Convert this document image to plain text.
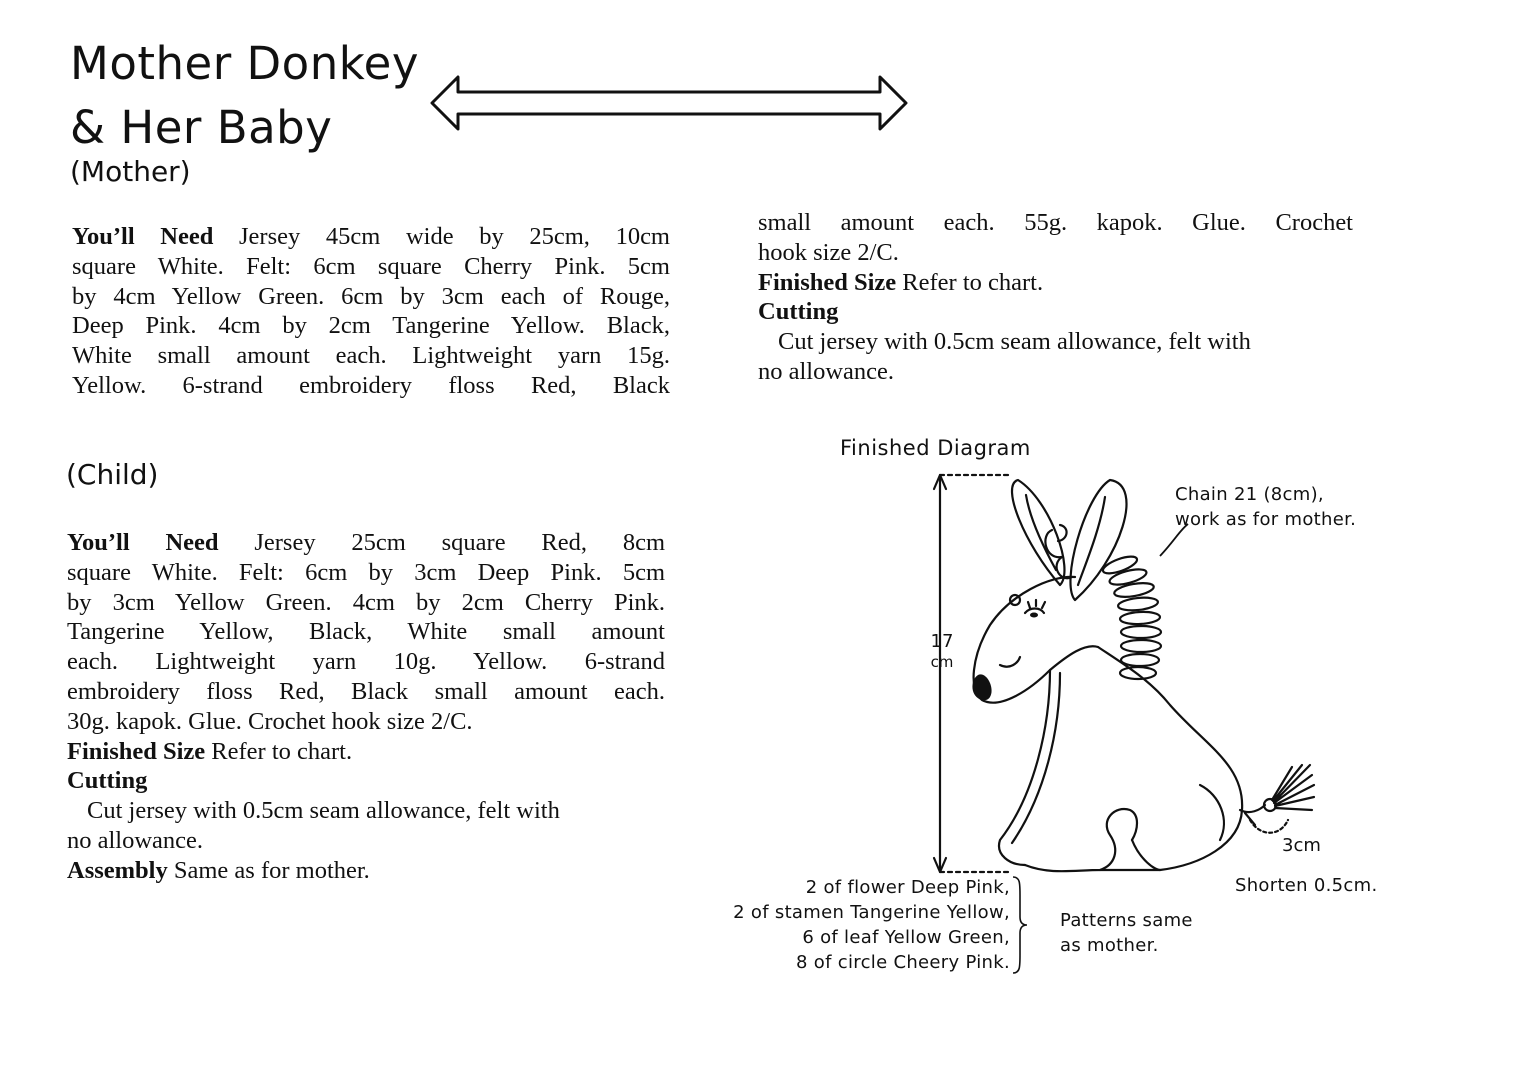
Mother Donkey
& Her Baby
(Mother)
You’ll Need Jersey 45cm wide by 25cm, 10cm
square White. Felt: 6cm square Cherry Pink. 5cm
by 4cm Yellow Green. 6cm by 3cm each of Rouge,
Deep Pink. 4cm by 2cm Tangerine Yellow. Black,
White small amount each. Lightweight yarn 15g.
Yellow. 6-strand embroidery floss Red, Black
small amount each. 55g. kapok. Glue. Crochet
hook size 2/C.
Finished Size Refer to chart.
Cutting
Cut jersey with 0.5cm seam allowance, felt with
no allowance.
(Child)
You’ll Need Jersey 25cm square Red, 8cm
square White. Felt: 6cm by 3cm Deep Pink. 5cm
by 3cm Yellow Green. 4cm by 2cm Cherry Pink.
Tangerine Yellow, Black, White small amount
each. Lightweight yarn 10g. Yellow. 6-strand
embroidery floss Red, Black small amount each.
30g. kapok. Glue. Crochet hook size 2/C.
Finished Size Refer to chart.
Cutting
Cut jersey with 0.5cm seam allowance, felt with
no allowance.
Assembly Same as for mother.
Finished Diagram
17
cm
Chain 21 (8cm),
work as for mother.
3cm
Shorten 0.5cm.
2 of flower Deep Pink,
2 of stamen Tangerine Yellow,
6 of leaf Yellow Green,
8 of circle Cheery Pink.
Patterns same
as mother.
